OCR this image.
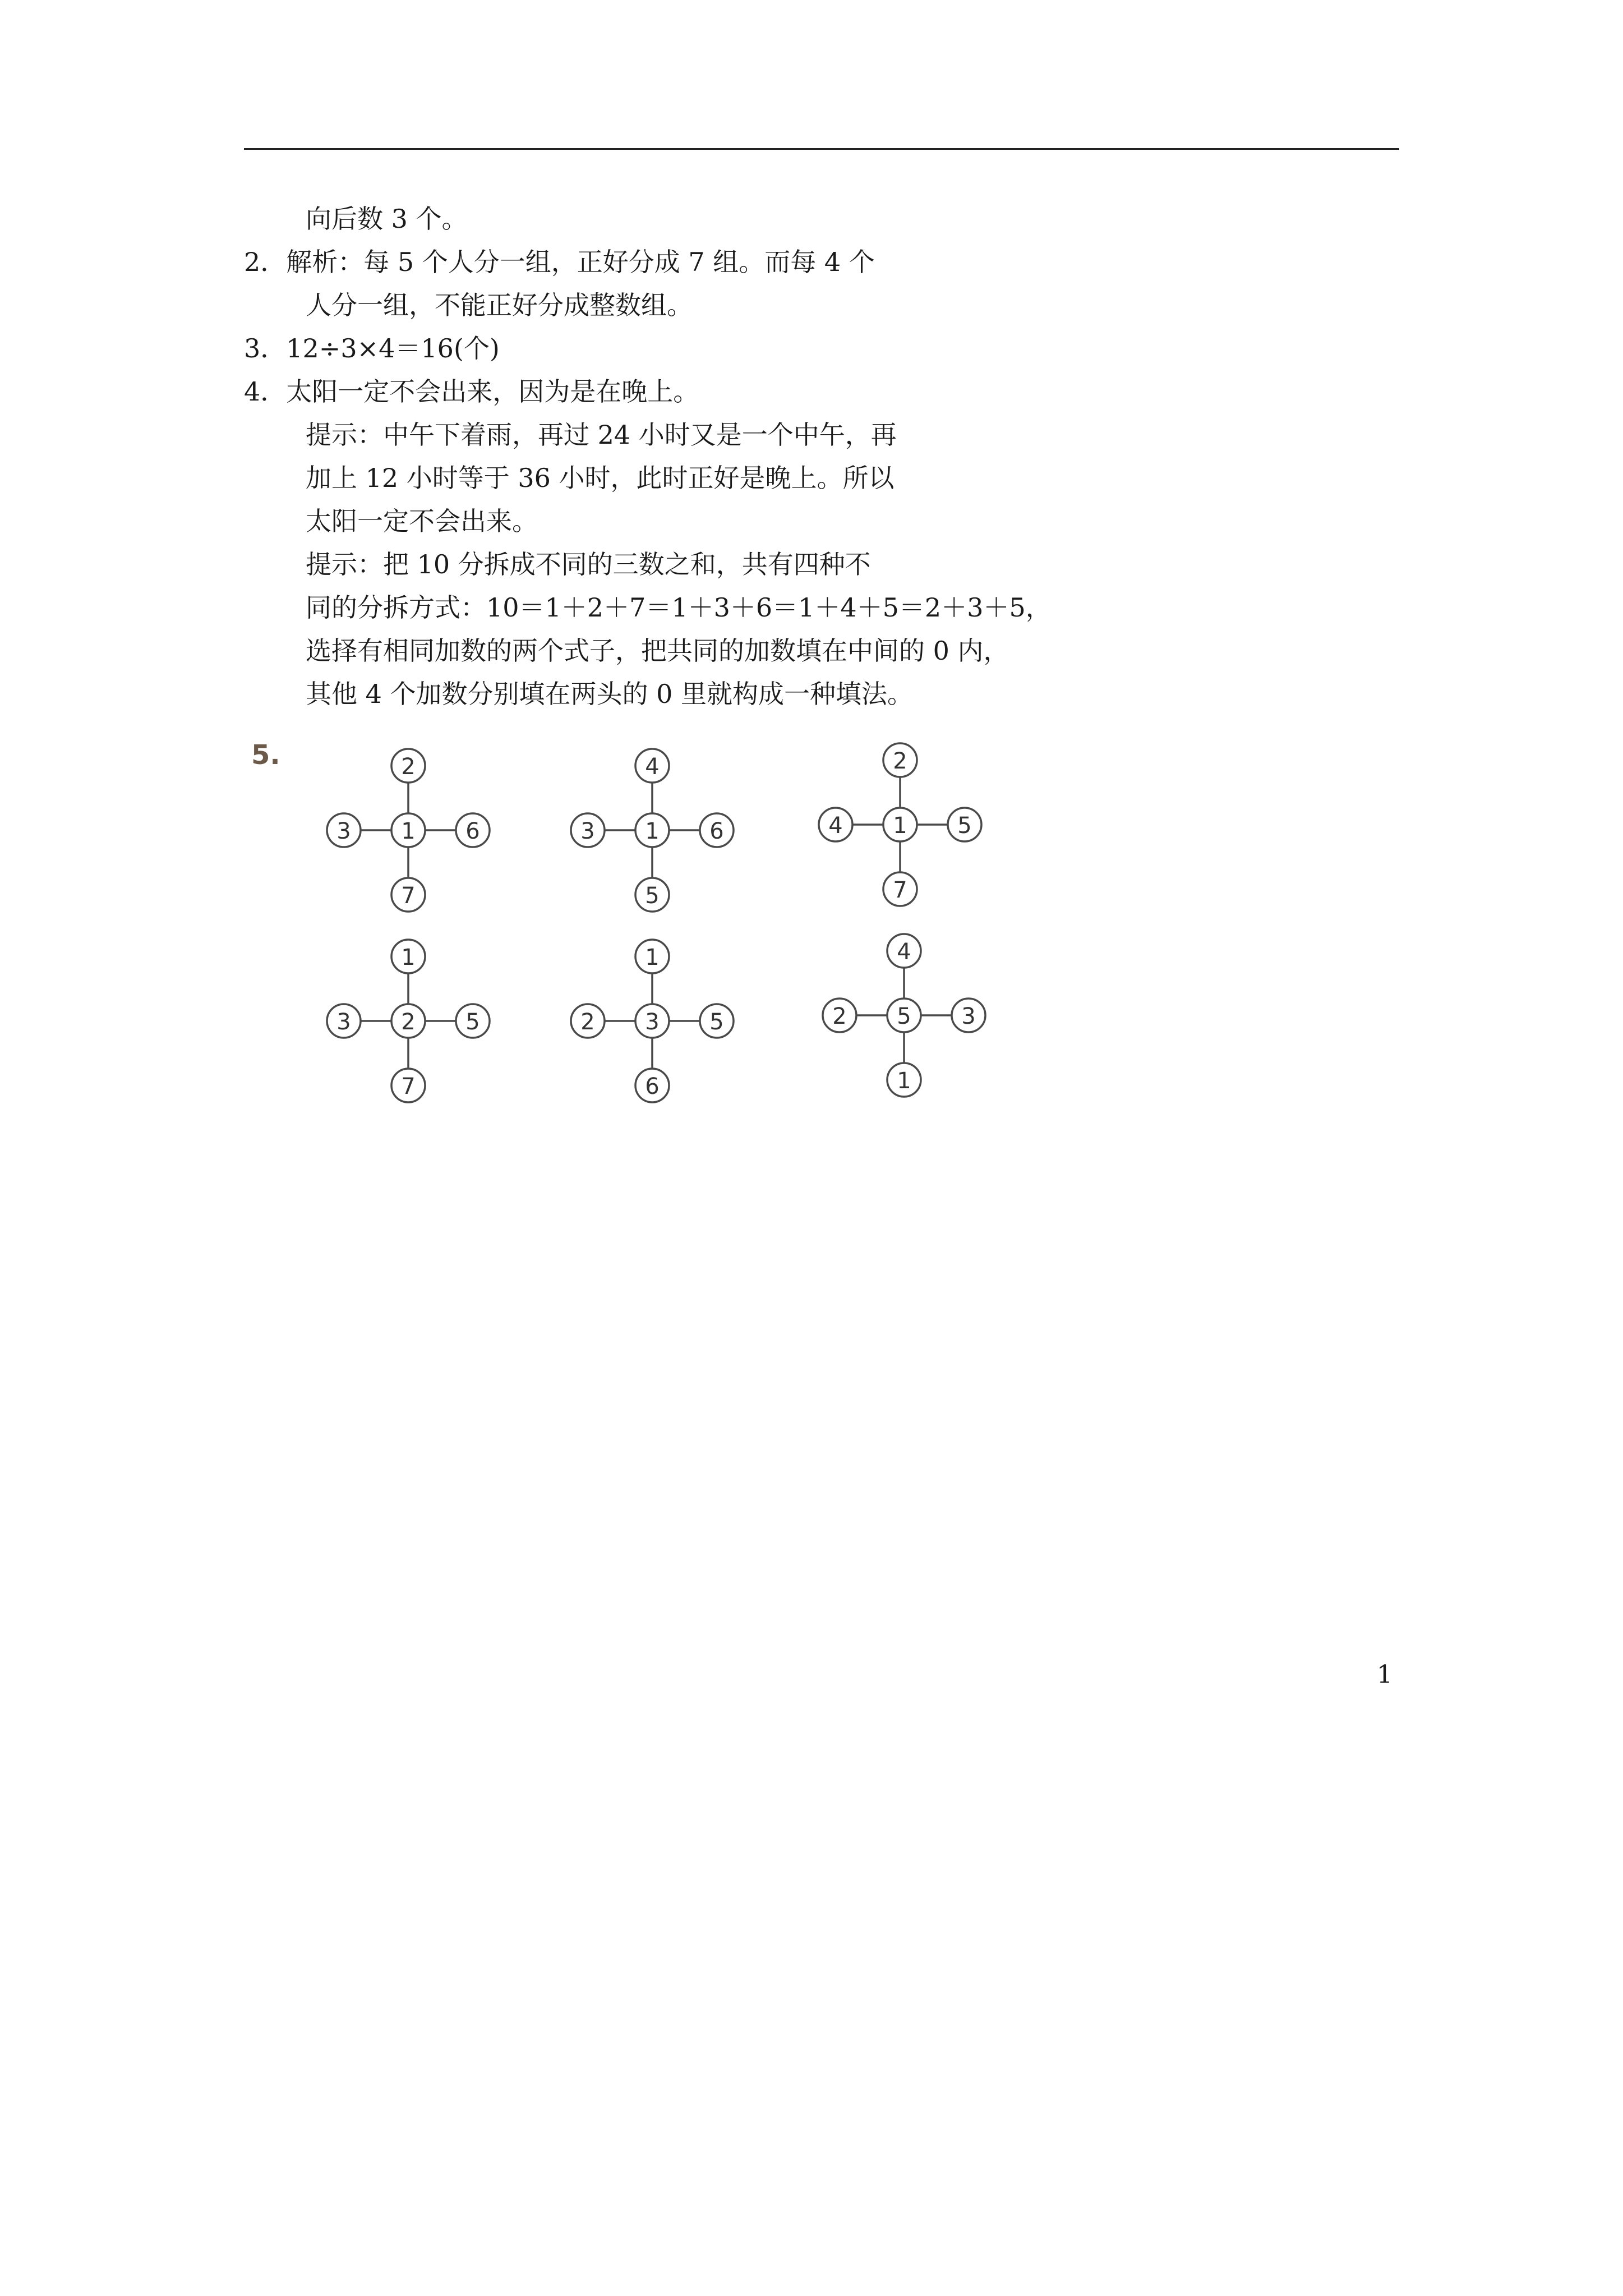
向后数 3 个。
2．解析：每 5 个人分一组，正好分成 7 组。而每 4 个
人分一组，不能正好分成整数组。
3．12÷3×4＝16(个)
4．太阳一定不会出来，因为是在晚上。
提示：中午下着雨，再过 24 小时又是一个中午，再
加上 12 小时等于 36 小时，此时正好是晚上。所以
太阳一定不会出来。
提示：把 10 分拆成不同的三数之和，共有四种不
同的分拆方式：10＝1＋2＋7＝1＋3＋6＝1＋4＋5＝2＋3＋5，
选择有相同加数的两个式子，把共同的加数填在中间的 0 内，
其他 4 个加数分别填在两头的 0 里就构成一种填法。
5.
1
2
7
3	6	1
4
5
3	6	1
2
7
4	5
2
1
7
3	5	3
1
6
2	5	5
4
1
2	3
1
